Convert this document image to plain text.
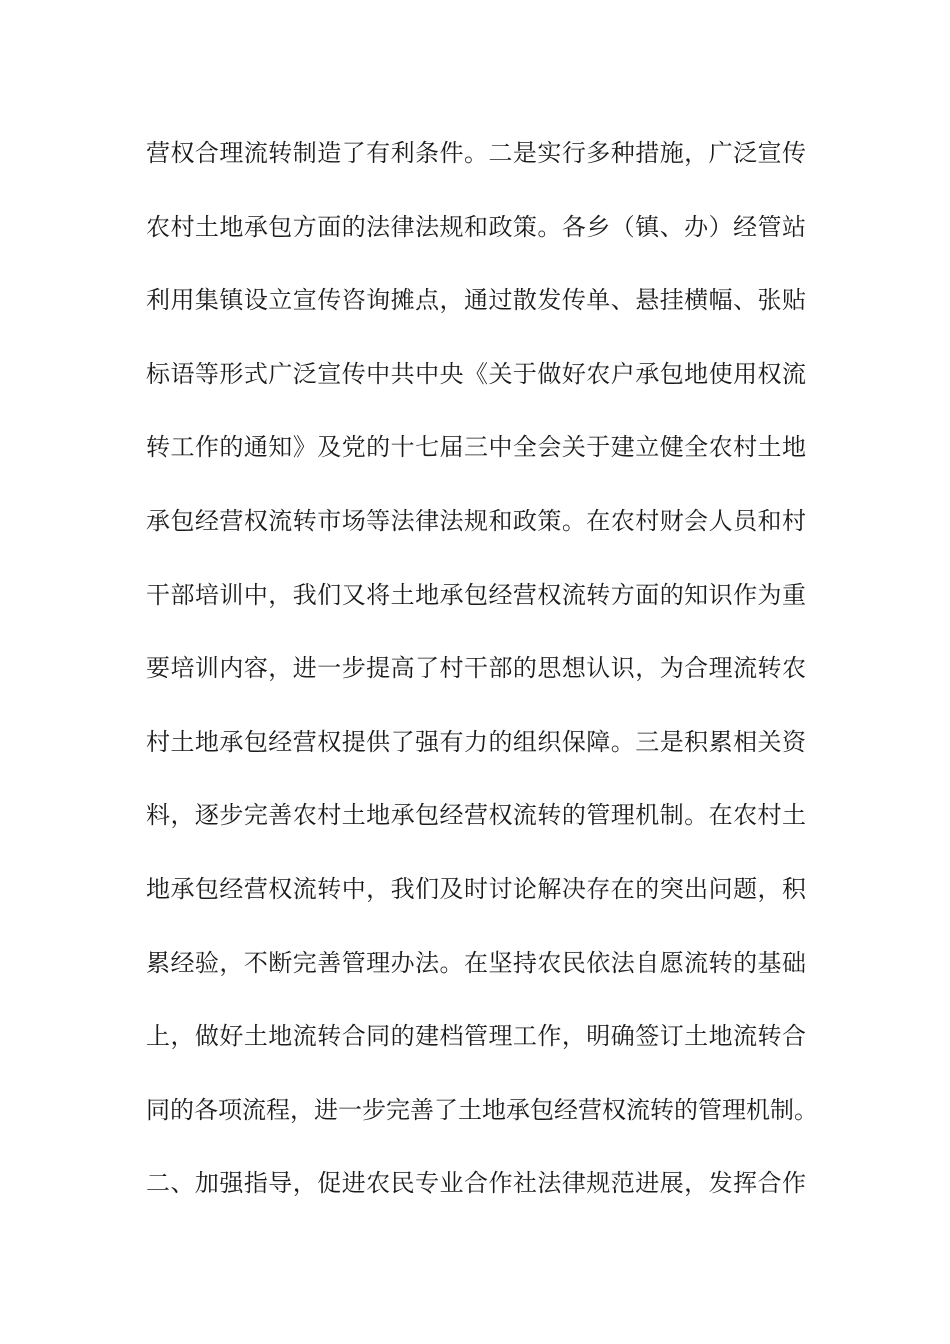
营权合理流转制造了有利条件。二是实行多种措施，广泛宣传
农村土地承包方面的法律法规和政策。各乡（镇、办）经管站
利用集镇设立宣传咨询摊点，通过散发传单、悬挂横幅、张贴
标语等形式广泛宣传中共中央《关于做好农户承包地使用权流
转工作的通知》及党的十七届三中全会关于建立健全农村土地
承包经营权流转市场等法律法规和政策。在农村财会人员和村
干部培训中，我们又将土地承包经营权流转方面的知识作为重
要培训内容，进一步提高了村干部的思想认识，为合理流转农
村土地承包经营权提供了强有力的组织保障。三是积累相关资
料，逐步完善农村土地承包经营权流转的管理机制。在农村土
地承包经营权流转中，我们及时讨论解决存在的突出问题，积
累经验，不断完善管理办法。在坚持农民依法自愿流转的基础
上，做好土地流转合同的建档管理工作，明确签订土地流转合
同的各项流程，进一步完善了土地承包经营权流转的管理机制。
二、加强指导，促进农民专业合作社法律规范进展，发挥合作
